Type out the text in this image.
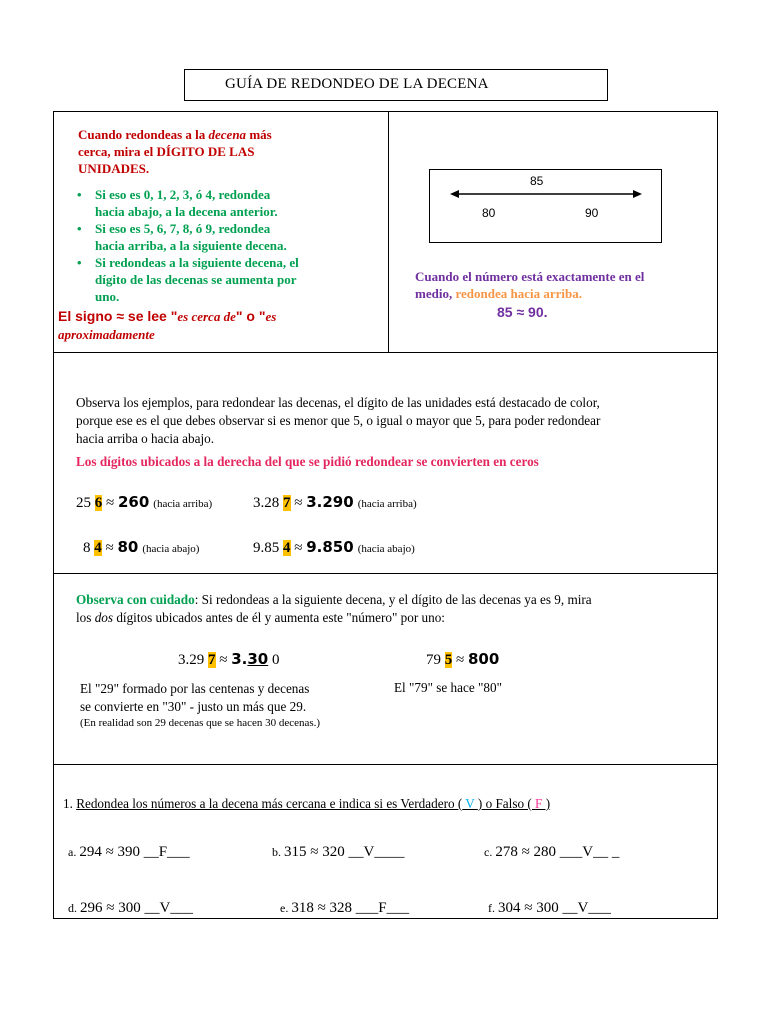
GUÍA DE REDONDEO DE LA DECENA
Cuando redondeas a la decena más
cerca, mira el DÍGITO DE LAS
UNIDADES.
• Si eso es 0, 1, 2, 3, ó 4, redondea
hacia abajo, a la decena anterior.
• Si eso es 5, 6, 7, 8, ó 9, redondea
hacia arriba, a la siguiente decena.
• Si redondeas a la siguiente decena, el
dígito de las decenas se aumenta por
uno.
El signo ≈ se lee "es cerca de" o "es
aproximadamente
85
80	90
Cuando el número está exactamente en el
medio, redondea hacia arriba.
85 ≈ 90.
Observa los ejemplos, para redondear las decenas, el dígito de las unidades está destacado de color,
porque ese es el que debes observar si es menor que 5, o igual o mayor que 5, para poder redondear
hacia arriba o hacia abajo.
Los dígitos ubicados a la derecha del que se pidió redondear se convierten en ceros
25 6 ≈ 260 (hacia arriba)	3.28 7 ≈ 3.290 (hacia arriba)
8 4 ≈ 80 (hacia abajo)	9.85 4 ≈ 9.850 (hacia abajo)
Observa con cuidado: Si redondeas a la siguiente decena, y el dígito de las decenas ya es 9, mira
los dos dígitos ubicados antes de él y aumenta este "número" por uno:
3.29 7 ≈ 3.30 0	79 5 ≈ 800
El "29" formado por las centenas y decenas
se convierte en "30" - justo un más que 29.
(En realidad son 29 decenas que se hacen 30 decenas.)
El "79" se hace "80"
1. Redondea los números a la decena más cercana e indica si es Verdadero ( V ) o Falso ( F )
a. 294 ≈ 390 __F___	b. 315 ≈ 320 __V____	c. 278 ≈ 280 ___V__ _
d. 296 ≈ 300 __V___	e. 318 ≈ 328 ___F___	f. 304 ≈ 300 __V___
